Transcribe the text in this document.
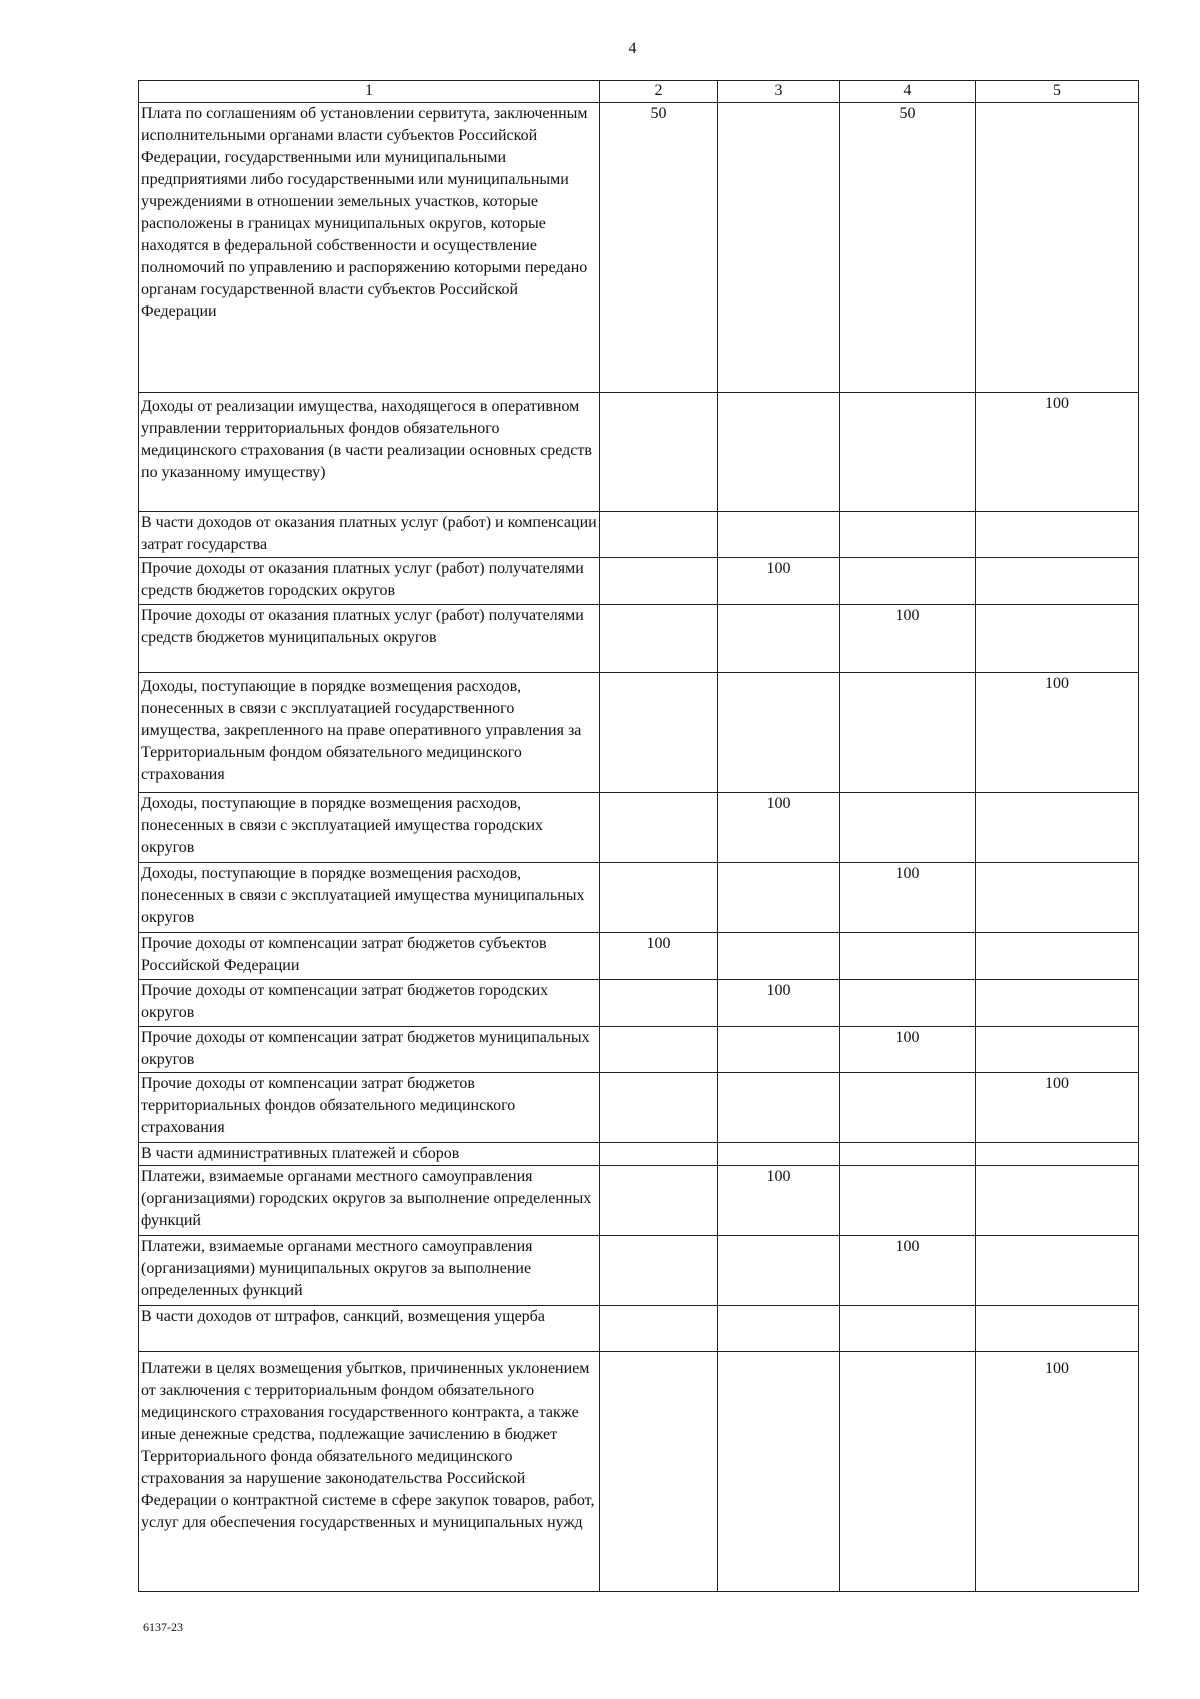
4
1	2	3	4	5
Плата по соглашениям об установлении сервитута, заключенным исполнительными органами власти субъектов Российской Федерации, государственными или муниципальными предприятиями либо государственными или муниципальными учреждениями в отношении земельных участков, которые расположены в границах муниципальных округов, которые находятся в федеральной собственности и осуществление полномочий по управлению и распоряжению которыми передано органам государственной власти субъектов Российской Федерации	50		50	
Доходы от реализации имущества, находящегося в оперативном управлении территориальных фондов обязательного медицинского страхования (в части реализации основных средств по указанному имуществу)				100
В части доходов от оказания платных услуг (работ) и компенсации затрат государства				
Прочие доходы от оказания платных услуг (работ) получателями средств бюджетов городских округов		100		
Прочие доходы от оказания платных услуг (работ) получателями средств бюджетов муниципальных округов			100	
Доходы, поступающие в порядке возмещения расходов, понесенных в связи с эксплуатацией государственного имущества, закрепленного на праве оперативного управления за Территориальным фондом обязательного медицинского страхования				100
Доходы, поступающие в порядке возмещения расходов, понесенных в связи с эксплуатацией имущества городских округов		100		
Доходы, поступающие в порядке возмещения расходов, понесенных в связи с эксплуатацией имущества муниципальных округов			100	
Прочие доходы от компенсации затрат бюджетов субъектов Российской Федерации	100			
Прочие доходы от компенсации затрат бюджетов городских округов		100		
Прочие доходы от компенсации затрат бюджетов муниципальных округов			100	
Прочие доходы от компенсации затрат бюджетов территориальных фондов обязательного медицинского страхования				100
В части административных платежей и сборов				
Платежи, взимаемые органами местного самоуправления (организациями) городских округов за выполнение определенных функций		100		
Платежи, взимаемые органами местного самоуправления (организациями) муниципальных округов за выполнение определенных функций			100	
В части доходов от штрафов, санкций, возмещения ущерба				
Платежи в целях возмещения убытков, причиненных уклонением от заключения с территориальным фондом обязательного медицинского страхования государственного контракта, а также иные денежные средства, подлежащие зачислению в бюджет Территориального фонда обязательного медицинского страхования за нарушение законодательства Российской Федерации о контрактной системе в сфере закупок товаров, работ, услуг для обеспечения государственных и муниципальных нужд				100
6137-23
